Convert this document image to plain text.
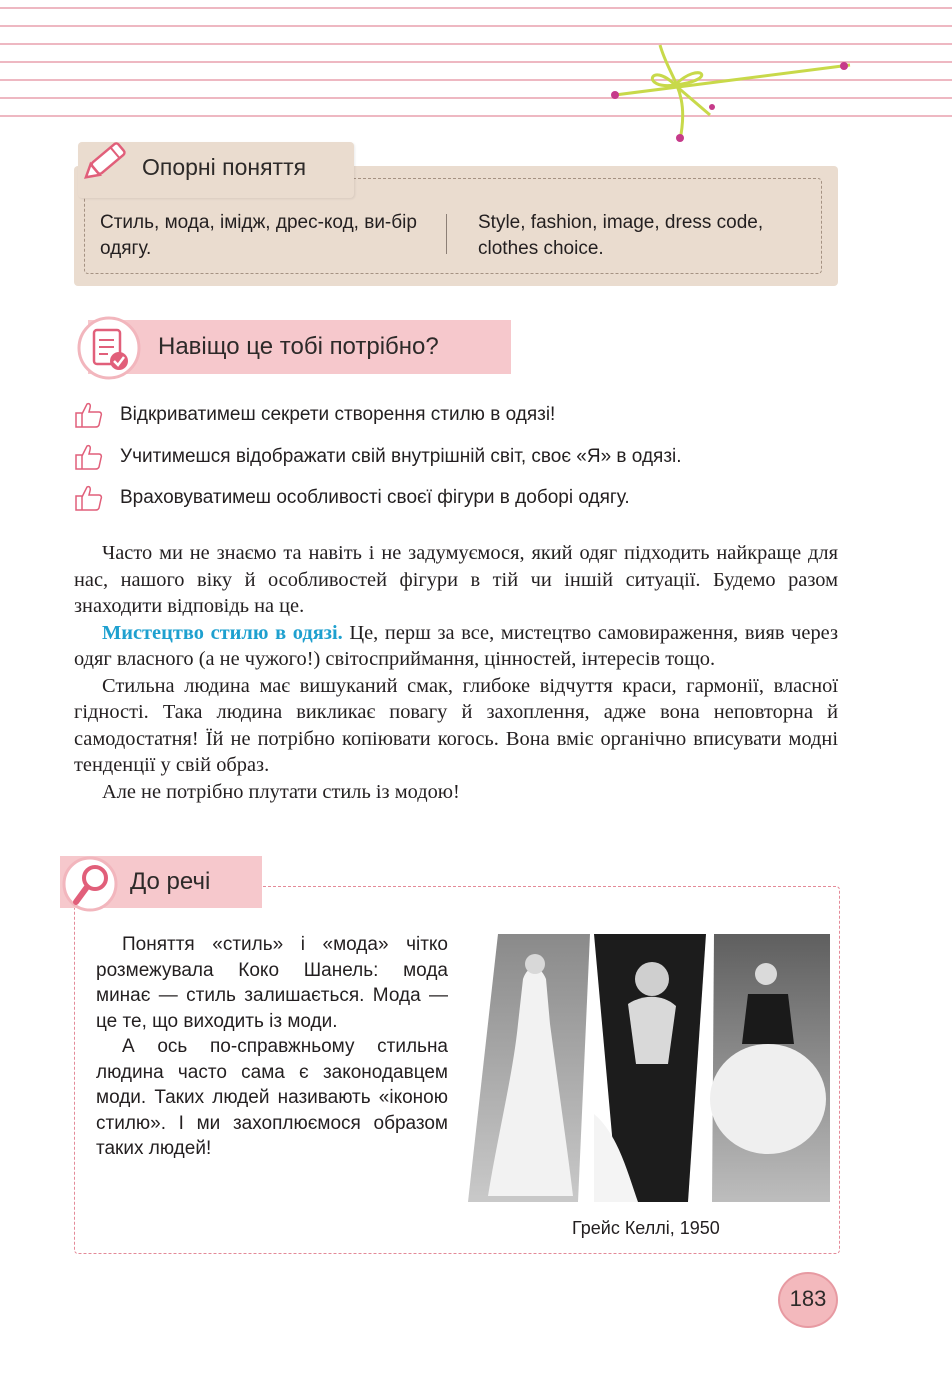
Опорні поняття
Стиль, мода, імідж, дрес-код, ви-бір одягу.
Style, fashion, image, dress code, clothes choice.
Навіщо це тобі потрібно?
Відкриватимеш секрети створення стилю в одязі!
Учитимешся відображати свій внутрішній світ, своє «Я» в одязі.
Враховуватимеш особливості своєї фігури в доборі одягу.

Часто ми не знаємо та навіть і не задумуємося, який одяг підходить найкраще для нас, нашого віку й особливостей фігури в тій чи іншій ситуації. Будемо разом знаходити відповідь на це.

Мистецтво стилю в одязі. Це, перш за все, мистецтво самовираження, вияв через одяг власного (а не чужого!) світосприймання, цінностей, інтересів тощо.

Стильна людина має вишуканий смак, глибоке відчуття краси, гармонії, власної гідності. Така людина викликає повагу й захоплення, адже вона неповторна й самодостатня! Їй не потрібно копіювати когось. Вона вміє органічно вписувати модні тенденції у свій образ.

Але не потрібно плутати стиль із модою!

До речі

Поняття «стиль» і «мода» чітко розмежувала Коко Шанель: мода минає — стиль залишається. Мода — це те, що виходить із моди.

А ось по-справжньому стильна людина часто сама є законодавцем моди. Таких людей називають «іконою стилю». І ми захоплюємося образом таких людей!

Грейс Келлі, 1950
183
